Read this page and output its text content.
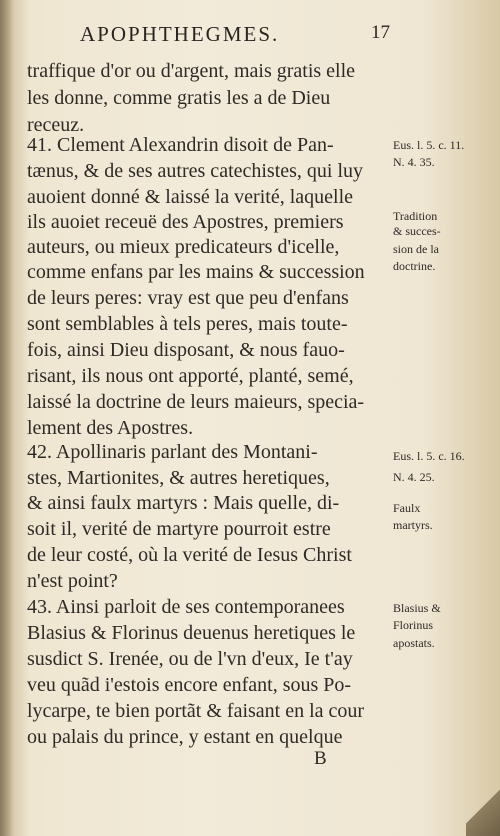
APOPHTHEGMES.	17
traffique d'or ou d'argent, mais gratis elle
les donne, comme gratis les a de Dieu
receuz.
41. Clement Alexandrin disoit de Pan-
tænus, & de ses autres catechistes, qui luy
auoient donné & laissé la verité, laquelle
ils auoiet receuë des Apostres, premiers
auteurs, ou mieux predicateurs d'icelle,
comme enfans par les mains & succession
de leurs peres: vray est que peu d'enfans
sont semblables à tels peres, mais toute-
fois, ainsi Dieu disposant, & nous fauo-
risant, ils nous ont apporté, planté, semé,
laissé la doctrine de leurs maieurs, specia-
lement des Apostres.
42. Apollinaris parlant des Montani-
stes, Martionites, & autres heretiques,
& ainsi faulx martyrs : Mais quelle, di-
soit il, verité de martyre pourroit estre
de leur costé, où la verité de Iesus Christ
n'est point?
43. Ainsi parloit de ses contemporanees
Blasius & Florinus deuenus heretiques le
susdict S. Irenée, ou de l'vn d'eux, Ie t'ay
veu quãd i'estois encore enfant, sous Po-
lycarpe, te bien portãt & faisant en la cour
ou palais du prince, y estant en quelque
Eus. l. 5. c. 11.
N. 4. 35.
Tradition
& succes-
sion de la
doctrine.
Eus. l. 5. c. 16.
N. 4. 25.
Faulx
martyrs.
Blasius &
Florinus
apostats.
B
